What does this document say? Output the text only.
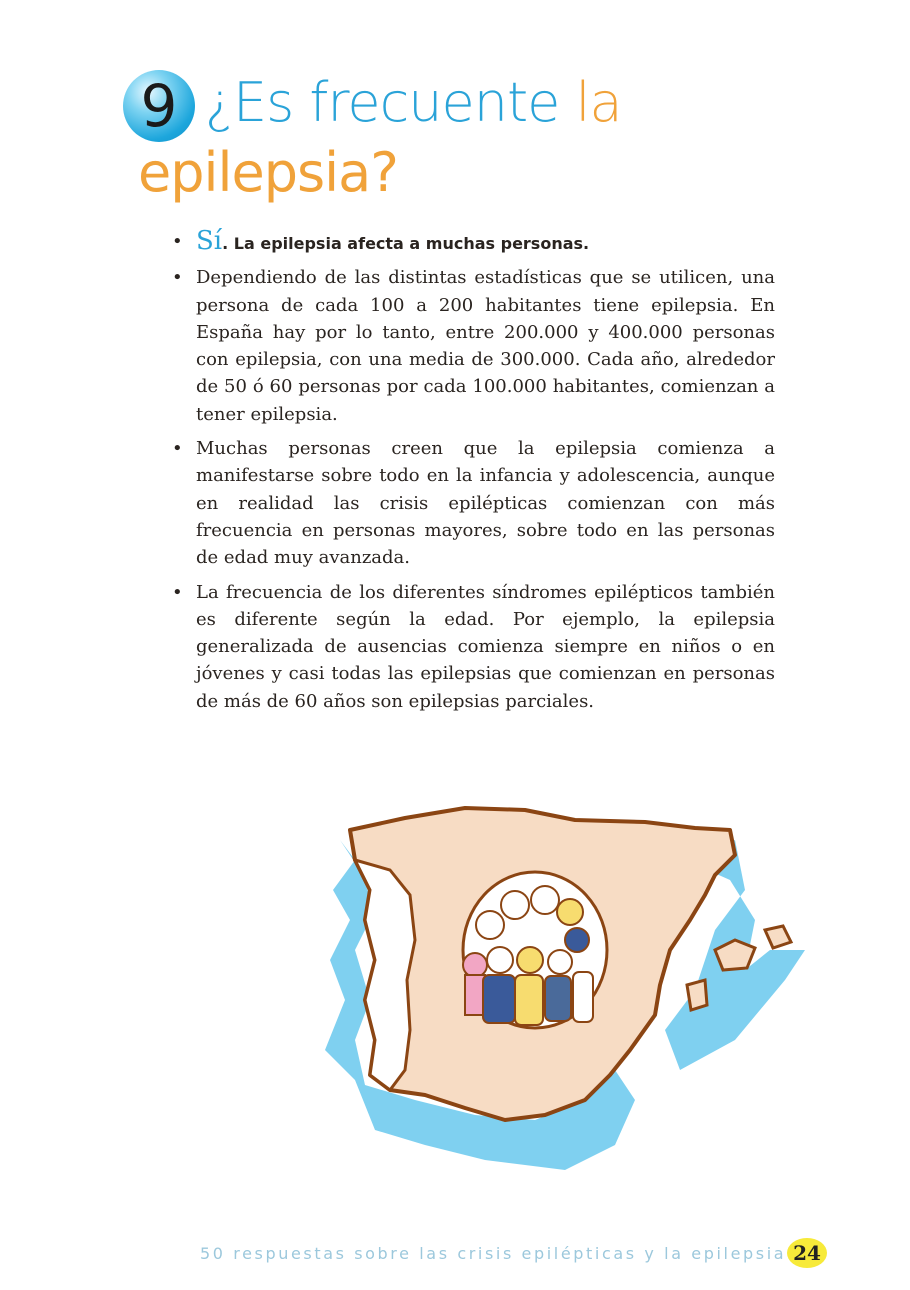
9 ¿Es frecuente la
epilepsia?
• Sí. La epilepsia afecta a muchas personas.
• Dependiendo de las distintas estadísticas que se utilicen, una persona de cada 100 a 200 habitantes tiene epilepsia. En España hay por lo tanto, entre 200.000 y 400.000 personas con epilepsia, con una media de 300.000. Cada año, alrededor de 50 ó 60 personas por cada 100.000 habitantes, comienzan a tener epilepsia.
• Muchas personas creen que la epilepsia comienza a manifestarse sobre todo en la infancia y adolescencia, aunque en realidad las crisis epilépticas comienzan con más frecuencia en personas mayores, sobre todo en las personas de edad muy avanzada.
• La frecuencia de los diferentes síndromes epilépticos también es diferente según la edad. Por ejemplo, la epilepsia generalizada de ausencias comienza siempre en niños o en jóvenes y casi todas las epilepsias que comienzan en personas de más de 60 años son epilepsias parciales.
50 respuestas sobre las crisis epilépticas y la epilepsia 24
